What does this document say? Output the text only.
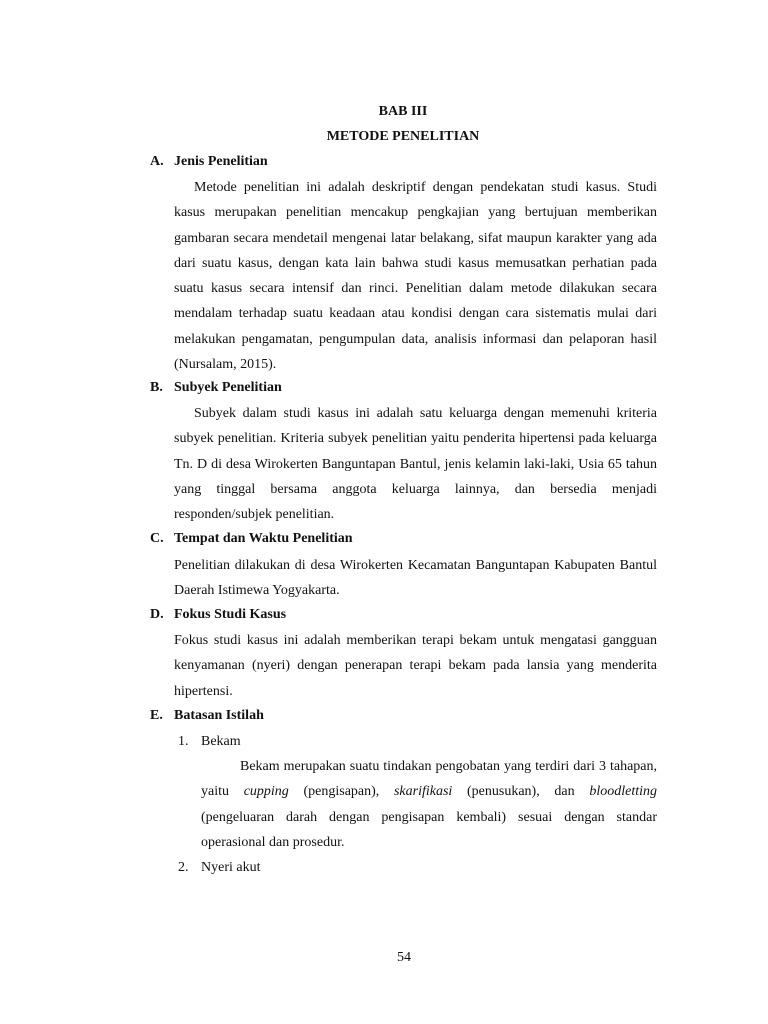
BAB III
METODE PENELITIAN
A. Jenis Penelitian

Metode penelitian ini adalah deskriptif dengan pendekatan studi kasus. Studi kasus merupakan penelitian mencakup pengkajian yang bertujuan memberikan gambaran secara mendetail mengenai latar belakang, sifat maupun karakter yang ada dari suatu kasus, dengan kata lain bahwa studi kasus memusatkan perhatian pada suatu kasus secara intensif dan rinci. Penelitian dalam metode dilakukan secara mendalam terhadap suatu keadaan atau kondisi dengan cara sistematis mulai dari melakukan pengamatan, pengumpulan data, analisis informasi dan pelaporan hasil (Nursalam, 2015).

B. Subyek Penelitian

Subyek dalam studi kasus ini adalah satu keluarga dengan memenuhi kriteria subyek penelitian. Kriteria subyek penelitian yaitu penderita hipertensi pada keluarga Tn. D di desa Wirokerten Banguntapan Bantul, jenis kelamin laki-laki, Usia 65 tahun yang tinggal bersama anggota keluarga lainnya, dan bersedia menjadi responden/subjek penelitian.

C. Tempat dan Waktu Penelitian

Penelitian dilakukan di desa Wirokerten Kecamatan Banguntapan Kabupaten Bantul Daerah Istimewa Yogyakarta.

D. Fokus Studi Kasus

Fokus studi kasus ini adalah memberikan terapi bekam untuk mengatasi gangguan kenyamanan (nyeri) dengan penerapan terapi bekam pada lansia yang menderita hipertensi.

E. Batasan Istilah
1. Bekam

Bekam merupakan suatu tindakan pengobatan yang terdiri dari 3 tahapan, yaitu cupping (pengisapan), skarifikasi (penusukan), dan bloodletting (pengeluaran darah dengan pengisapan kembali) sesuai dengan standar operasional dan prosedur.

2. Nyeri akut
54
